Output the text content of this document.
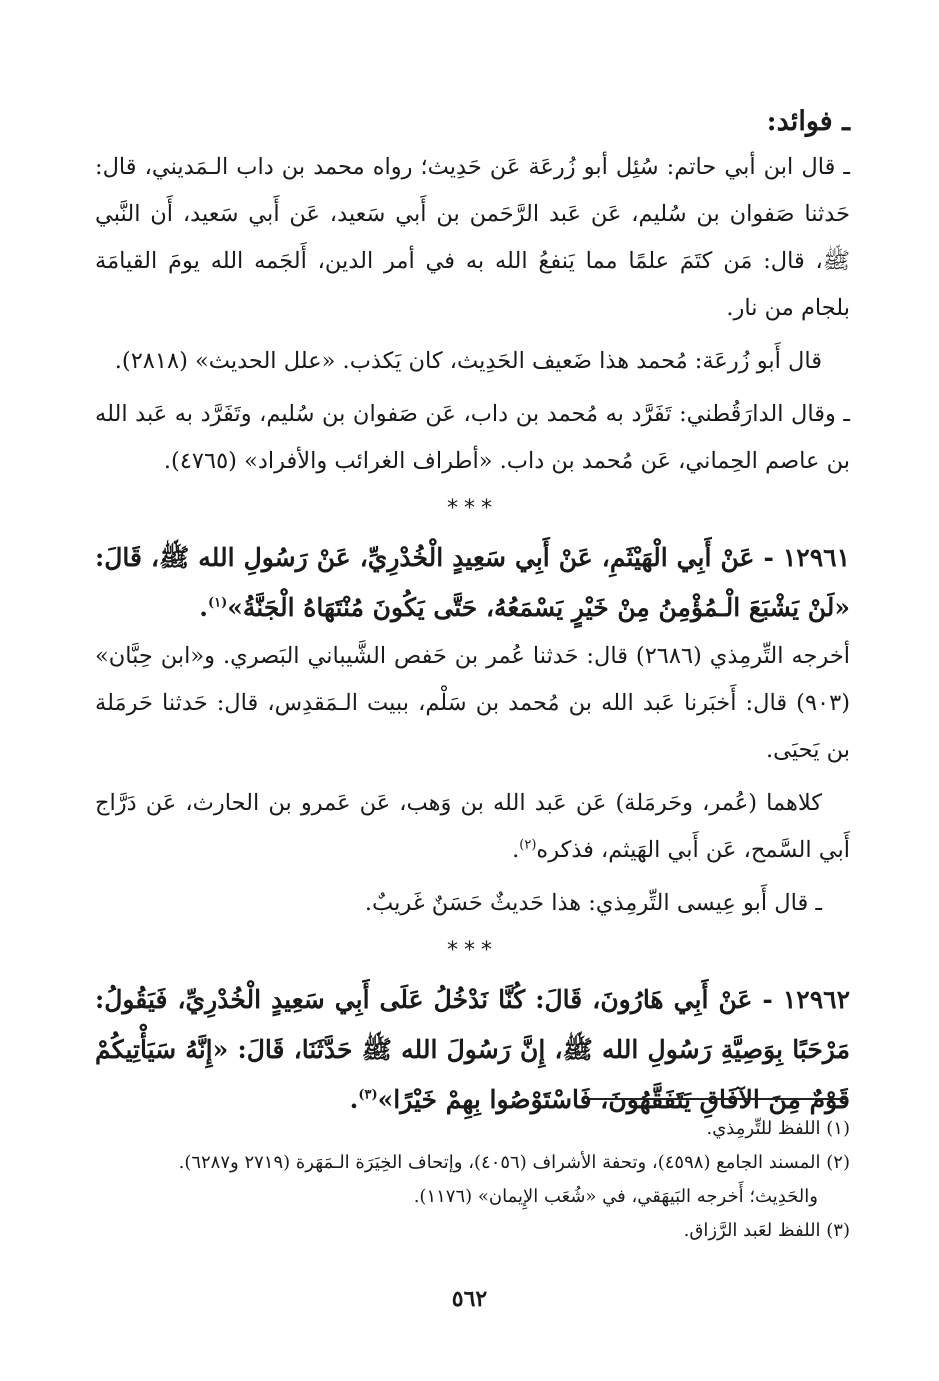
ـ فوائد:

ـ قال ابن أبي حاتم: سُئِل أبو زُرعَة عَن حَدِيث؛ رواه محمد بن داب الـمَديني، قال: حَدثنا صَفوان بن سُليم، عَن عَبد الرَّحَمن بن أَبي سَعيد، عَن أَبي سَعيد، أَن النَّبي ﷺ، قال: مَن كتَمَ علمًا مما يَنفعُ الله به في أمر الدين، أَلجَمه الله يومَ القيامَة بلجام من نار.

قال أَبو زُرعَة: مُحمد هذا ضَعيف الحَدِيث، كان يَكذب. «علل الحديث» (٢٨١٨).

ـ وقال الدارَقُطني: تَفَرَّد به مُحمد بن داب، عَن صَفوان بن سُليم، وتَفَرَّد به عَبد الله بن عاصم الحِماني، عَن مُحمد بن داب. «أطراف الغرائب والأفراد» (٤٧٦٥).

***

١٢٩٦١ - عَنْ أَبِي الْهَيْثَمِ، عَنْ أَبِي سَعِيدٍ الْخُدْرِيِّ، عَنْ رَسُولِ الله ﷺ، قَالَ: «لَنْ يَشْبَعَ الْـمُؤْمِنُ مِنْ خَيْرٍ يَسْمَعُهُ، حَتَّى يَكُونَ مُنْتَهَاهُ الْجَنَّةُ»$^{(١)}$.

أخرجه التِّرمِذي (٢٦٨٦) قال: حَدثنا عُمر بن حَفص الشَّيباني البَصري. و«ابن حِبَّان» (٩٠٣) قال: أَخبَرنا عَبد الله بن مُحمد بن سَلْم، ببيت الـمَقدِس، قال: حَدثنا حَرمَلة بن يَحيَى.

كلاهما (عُمر، وحَرمَلة) عَن عَبد الله بن وَهب، عَن عَمرو بن الحارث، عَن دَرَّاج أَبي السَّمح، عَن أَبي الهَيثم، فذكره$^{(٢)}$.

ـ قال أَبو عِيسى التِّرمِذي: هذا حَديثٌ حَسَنٌ غَريبٌ.

***

١٢٩٦٢ - عَنْ أَبِي هَارُونَ، قَالَ: كُنَّا نَدْخُلُ عَلَى أَبِي سَعِيدٍ الْخُدْرِيِّ، فَيَقُولُ: مَرْحَبًا بِوَصِيَّةِ رَسُولِ الله ﷺ، إِنَّ رَسُولَ الله ﷺ حَدَّثَنَا، قَالَ: «إِنَّهُ سَيَأْتِيكُمْ قَوْمٌ مِنَ الآفَاقِ يَتَفَقَّهُونَ، فَاسْتَوْصُوا بِهِمْ خَيْرًا»$^{(٣)}$.

(١) اللفظ للتِّرمِذي.

(٢) المسند الجامع (٤٥٩٨)، وتحفة الأشراف (٤٠٥٦)، وإتحاف الخِيَرَة الـمَهَرة (٢٧١٩ و٦٢٨٧).

والحَدِيث؛ أَخرجه البَيهَقي، في «شُعَب الإِيمان» (١١٧٦).

(٣) اللفظ لعَبد الرَّزاق.

٥٦٢
